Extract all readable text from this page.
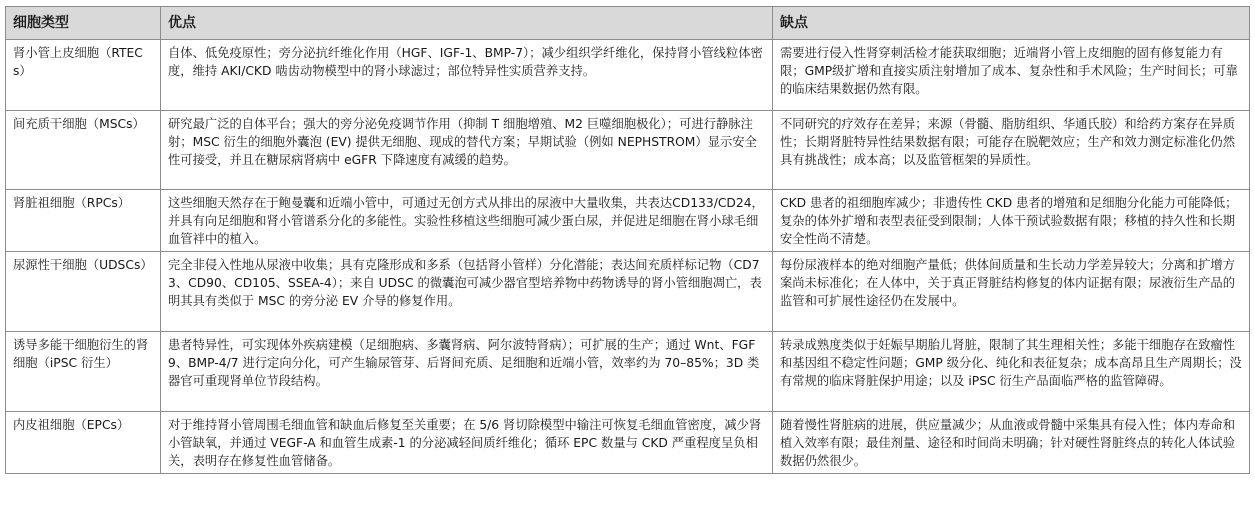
细胞类型	优点	缺点
肾小管上皮细胞（RTECs）	自体、低免疫原性；旁分泌抗纤维化作用（HGF、IGF-1、BMP-7）；减少组织学纤维化，保持肾小管线粒体密度，维持 AKI/CKD 啮齿动物模型中的肾小球滤过；部位特异性实质营养支持。	需要进行侵入性肾穿刺活检才能获取细胞；近端肾小管上皮细胞的固有修复能力有限；GMP级扩增和直接实质注射增加了成本、复杂性和手术风险；生产时间长；可靠的临床结果数据仍然有限。
间充质干细胞（MSCs）	研究最广泛的自体平台；强大的旁分泌免疫调节作用（抑制 T 细胞增殖、M2 巨噬细胞极化）；可进行静脉注射；MSC 衍生的细胞外囊泡 (EV) 提供无细胞、现成的替代方案；早期试验（例如 NEPHSTROM）显示安全性可接受，并且在糖尿病肾病中 eGFR 下降速度有减缓的趋势。	不同研究的疗效存在差异；来源（骨髓、脂肪组织、华通氏胶）和给药方案存在异质性；长期肾脏特异性结果数据有限；可能存在脱靶效应；生产和效力测定标准化仍然具有挑战性；成本高；以及监管框架的异质性。
肾脏祖细胞（RPCs）	这些细胞天然存在于鲍曼囊和近端小管中，可通过无创方式从排出的尿液中大量收集，共表达CD133/CD24，并具有向足细胞和肾小管谱系分化的多能性。实验性移植这些细胞可减少蛋白尿，并促进足细胞在肾小球毛细血管袢中的植入。	CKD 患者的祖细胞库减少；非遗传性 CKD 患者的增殖和足细胞分化能力可能降低；复杂的体外扩增和表型表征受到限制；人体干预试验数据有限；移植的持久性和长期安全性尚不清楚。
尿源性干细胞（UDSCs）	完全非侵入性地从尿液中收集；具有克隆形成和多系（包括肾小管样）分化潜能；表达间充质样标记物（CD73、CD90、CD105、SSEA-4）；来自 UDSC 的微囊泡可减少器官型培养物中药物诱导的肾小管细胞凋亡，表明其具有类似于 MSC 的旁分泌 EV 介导的修复作用。	每份尿液样本的绝对细胞产量低；供体间质量和生长动力学差异较大；分离和扩增方案尚未标准化；在人体中，关于真正肾脏结构修复的体内证据有限；尿液衍生产品的监管和可扩展性途径仍在发展中。
诱导多能干细胞衍生的肾细胞（iPSC 衍生）	患者特异性，可实现体外疾病建模（足细胞病、多囊肾病、阿尔波特肾病）；可扩展的生产；通过 Wnt、FGF9、BMP-4/7 进行定向分化，可产生输尿管芽、后肾间充质、足细胞和近端小管，效率约为 70–85%；3D 类器官可重现肾单位节段结构。	转录成熟度类似于妊娠早期胎儿肾脏，限制了其生理相关性；多能干细胞存在致瘤性和基因组不稳定性问题；GMP 级分化、纯化和表征复杂；成本高昂且生产周期长；没有常规的临床肾脏保护用途；以及 iPSC 衍生产品面临严格的监管障碍。
内皮祖细胞（EPCs）	对于维持肾小管周围毛细血管和缺血后修复至关重要；在 5/6 肾切除模型中输注可恢复毛细血管密度，减少肾小管缺氧，并通过 VEGF-A 和血管生成素-1 的分泌减轻间质纤维化；循环 EPC 数量与 CKD 严重程度呈负相关，表明存在修复性血管储备。	随着慢性肾脏病的进展，供应量减少；从血液或骨髓中采集具有侵入性；体内寿命和植入效率有限；最佳剂量、途径和时间尚未明确；针对硬性肾脏终点的转化人体试验数据仍然很少。
